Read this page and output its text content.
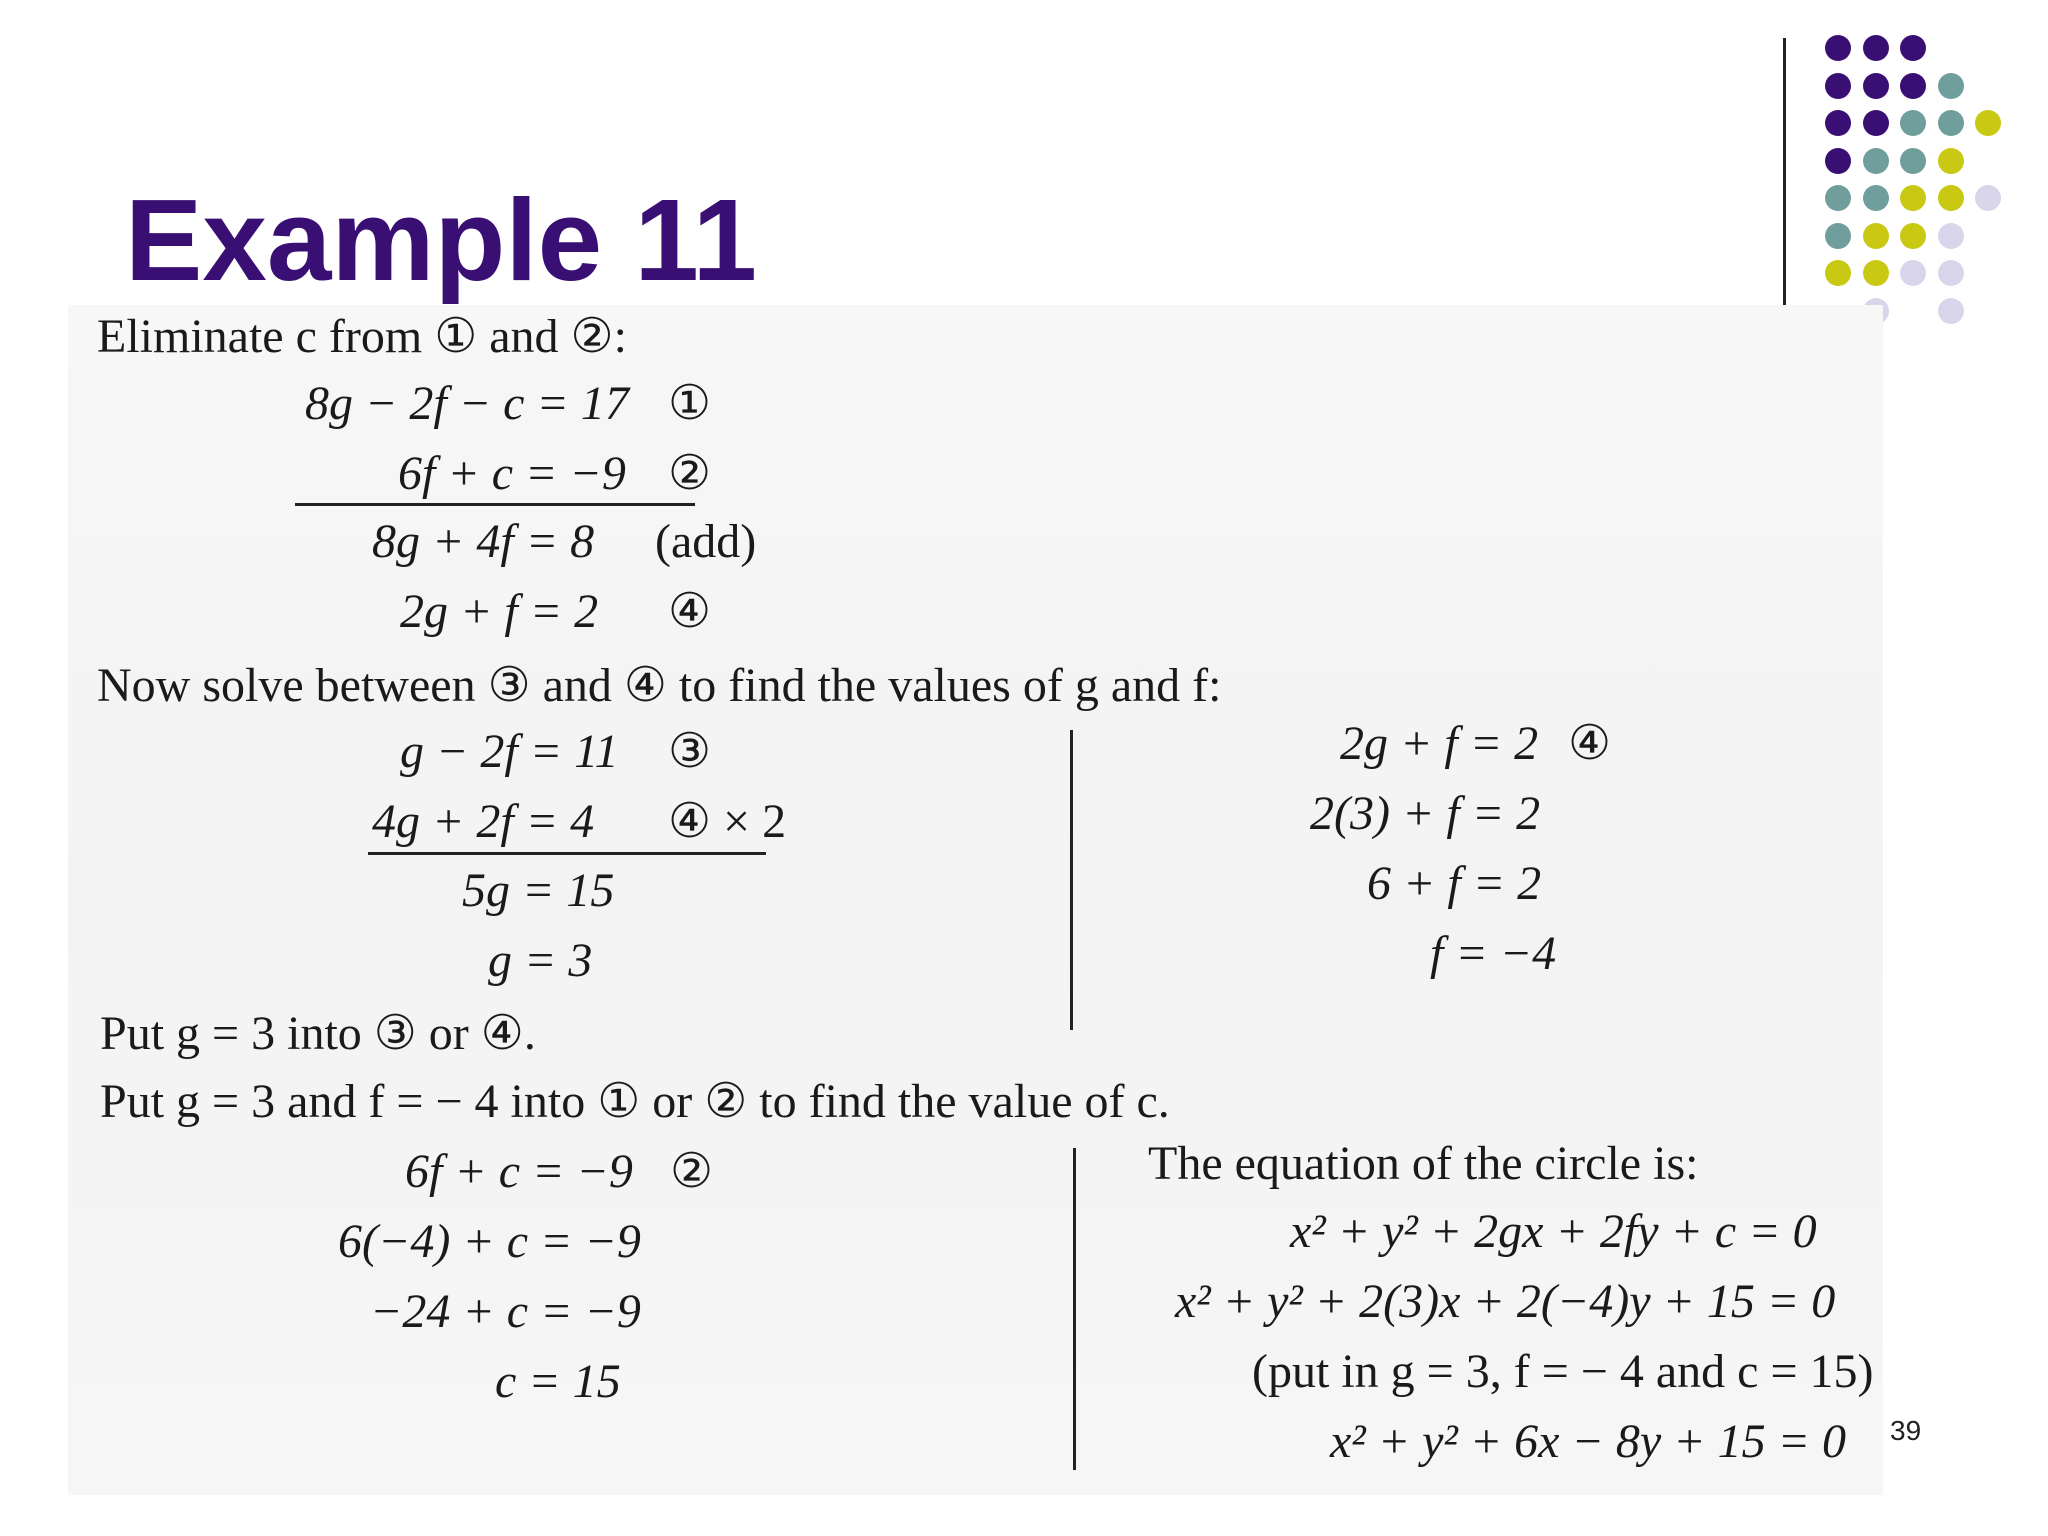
Example 11
Eliminate c from ① and ②:
8g − 2f − c = 17 ①
6f + c = −9 ②
8g + 4f = 8 (add)
2g + f = 2 ④
Now solve between ③ and ④ to find the values of g and f:
g − 2f = 11 ③
4g + 2f = 4 ④ × 2
5g = 15
g = 3
2g + f = 2 ④
2(3) + f = 2
6 + f = 2
f = −4
Put g = 3 into ③ or ④.
Put g = 3 and f = − 4 into ① or ② to find the value of c.
6f + c = −9 ②
6(−4) + c = −9
−24 + c = −9
c = 15
The equation of the circle is:
x² + y² + 2gx + 2fy + c = 0
x² + y² + 2(3)x + 2(−4)y + 15 = 0
(put in g = 3, f = − 4 and c = 15)
x² + y² + 6x − 8y + 15 = 0 39
